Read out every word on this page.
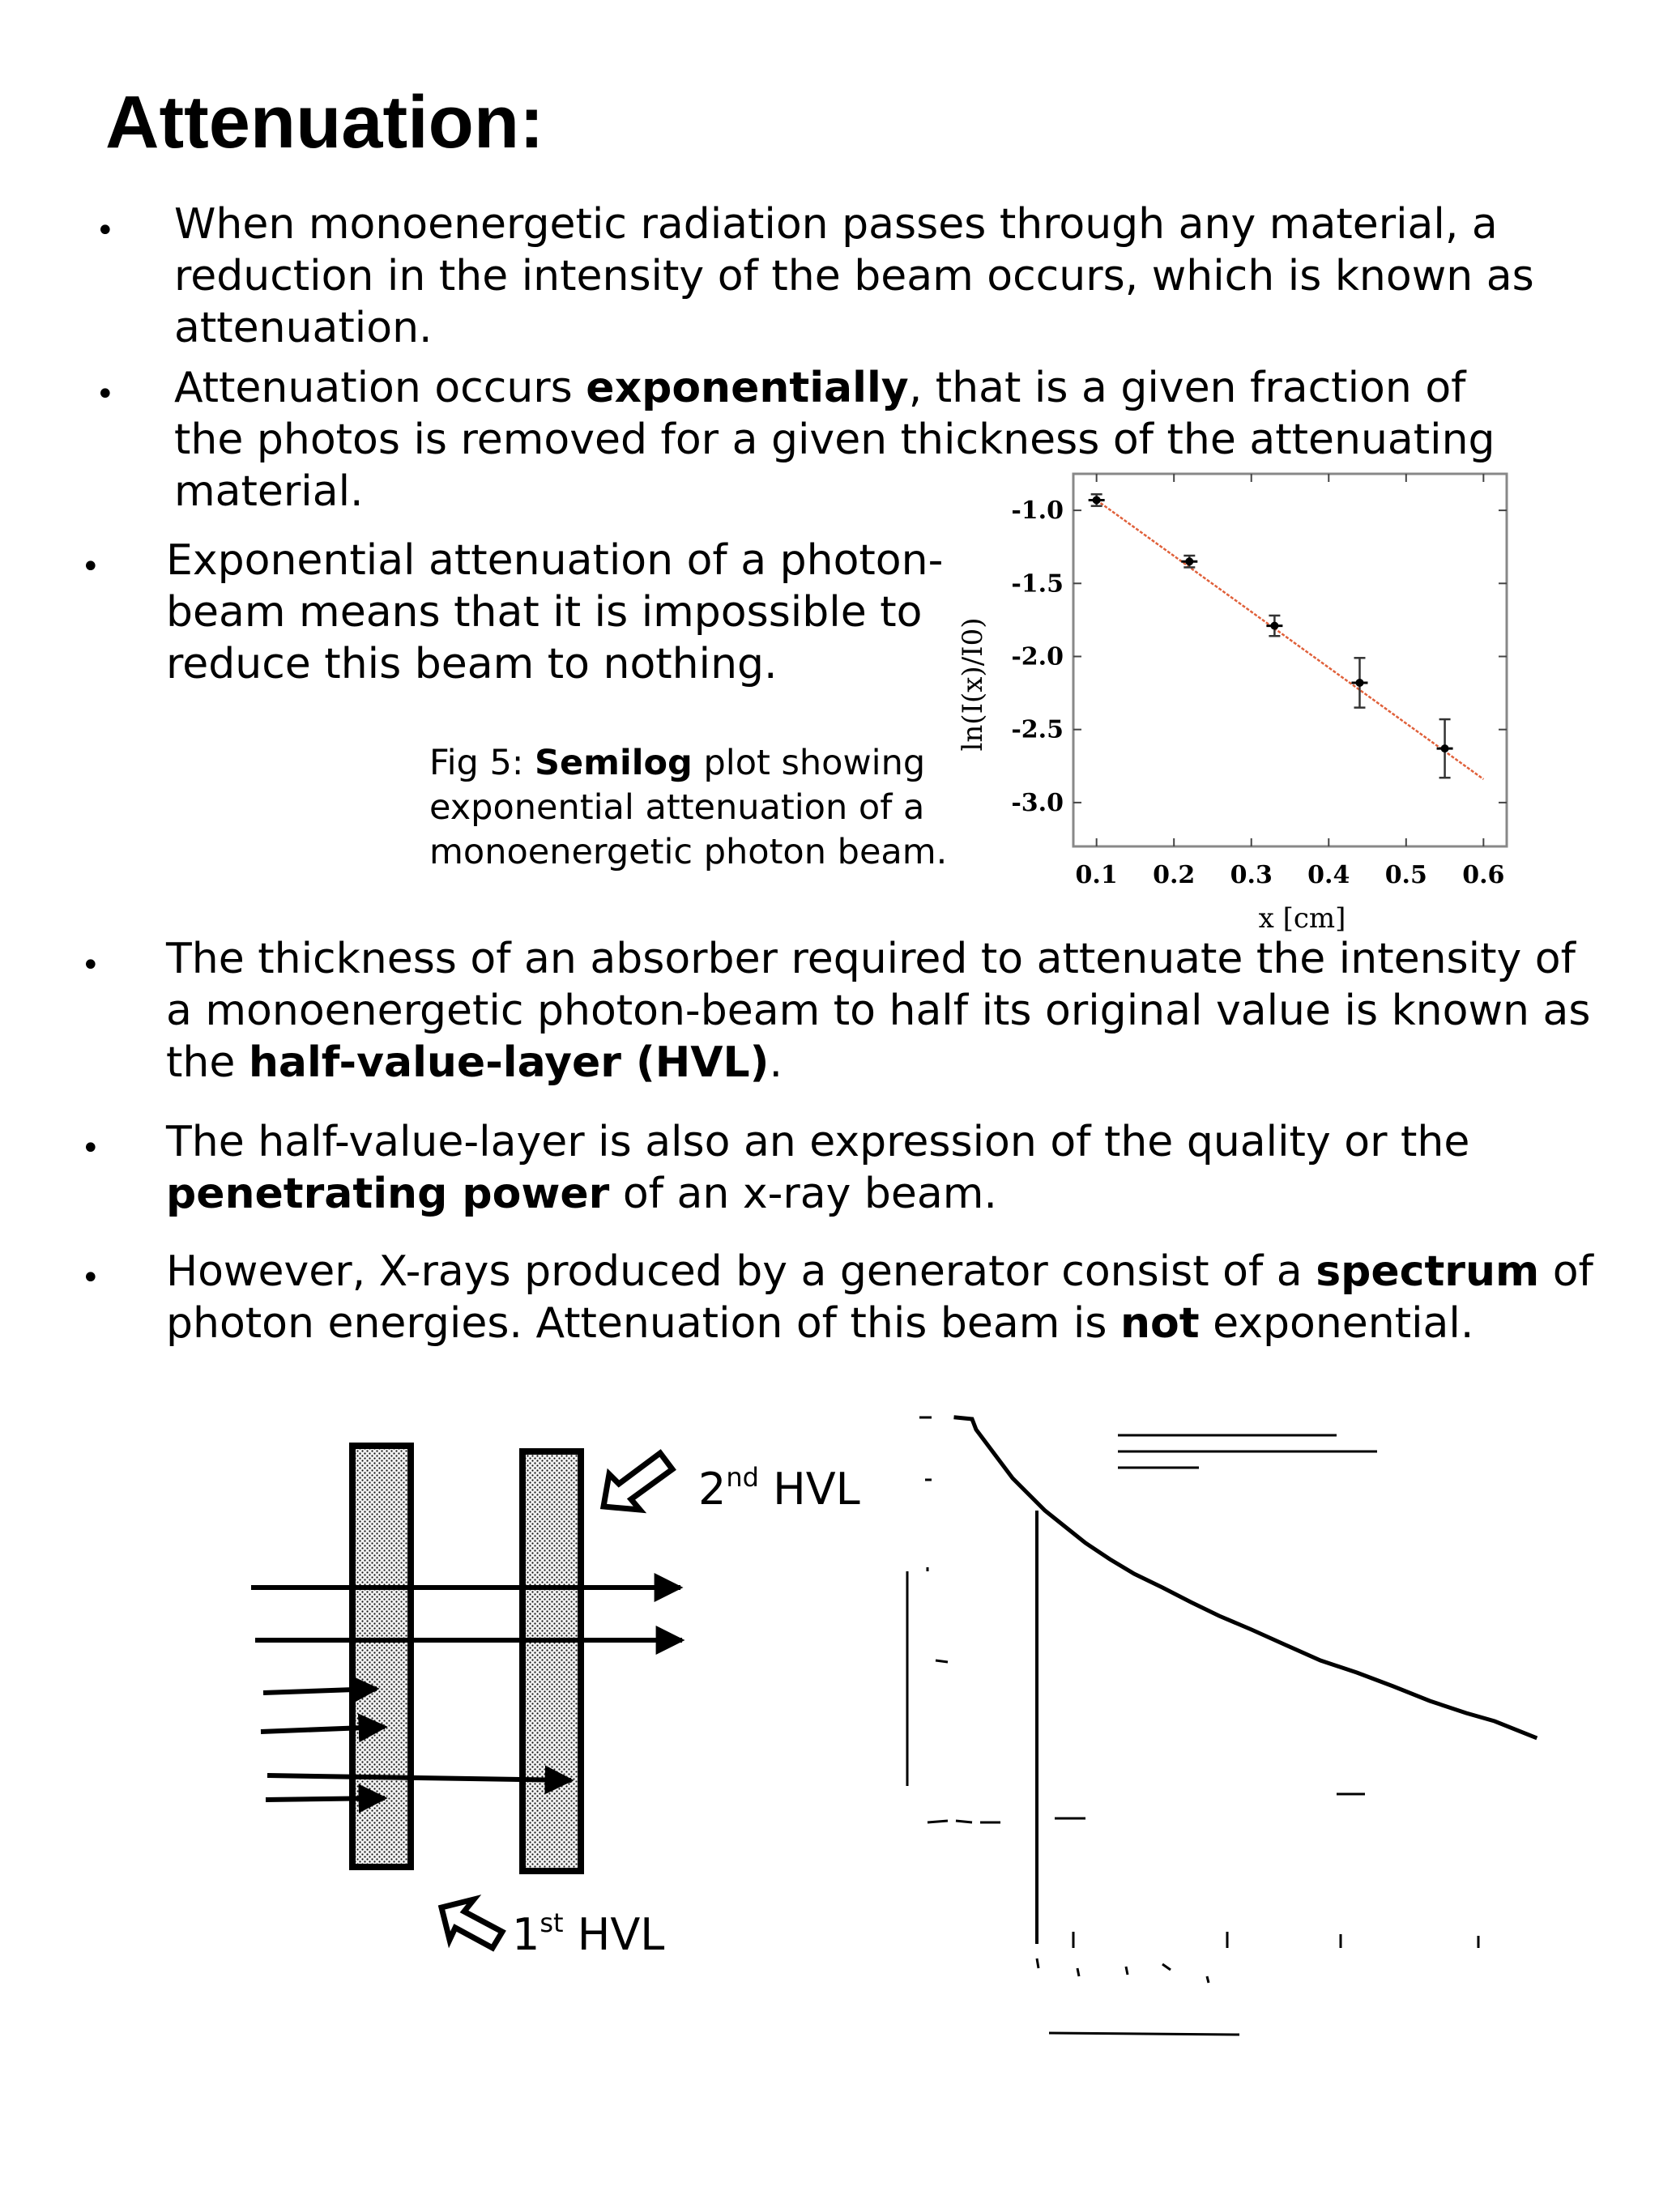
Attenuation:
• When monoenergetic radiation passes through any material, a reduction in the intensity of the beam occurs, which is known as attenuation.

• Attenuation occurs exponentially, that is a given fraction of the photos is removed for a given thickness of the attenuating material.

• Exponential attenuation of a photon-beam means that it is impossible to reduce this beam to nothing.

• The thickness of an absorber required to attenuate the intensity of a monoenergetic photon-beam to half its original value is known as the half-value-layer (HVL).

• The half-value-layer is also an expression of the quality or the penetrating power of an x-ray beam.

• However, X-rays produced by a generator consist of a spectrum of photon energies. Attenuation of this beam is not exponential.

Fig 5: Semilog plot showing
exponential attenuation of a
monoenergetic photon beam.
-1.0
-1.5
-2.0
-2.5
-3.0
0.1 0.2 0.3 0.4 0.5 0.6
x [cm]
ln(I(x)/I0)
2nd HVL
1st HVL
